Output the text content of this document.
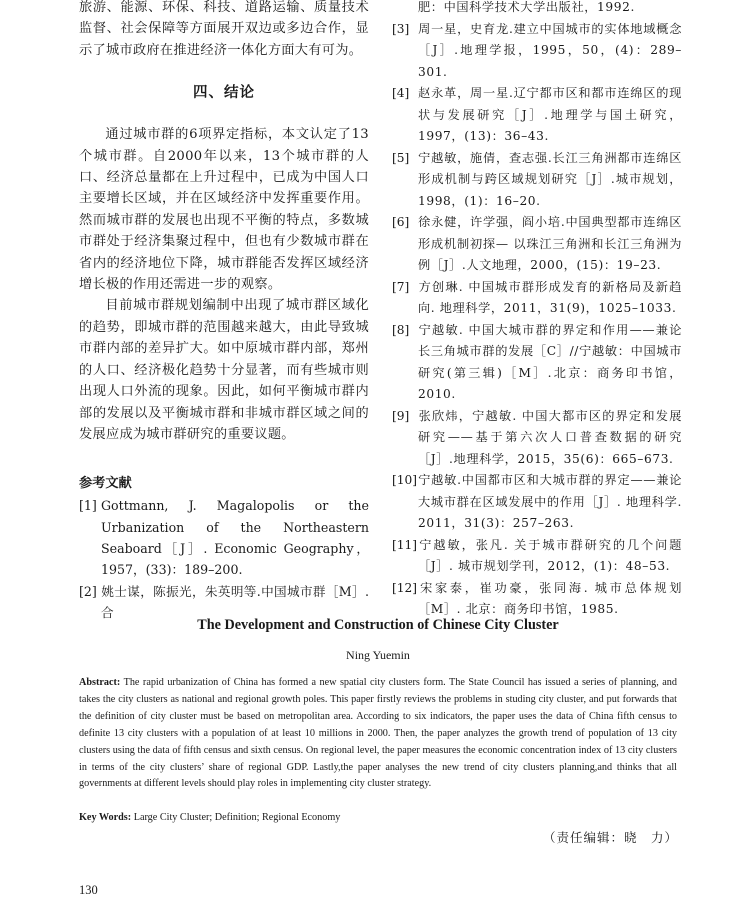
旅游、能源、环保、科技、道路运输、质量技术监督、社会保障等方面展开双边或多边合作，显示了城市政府在推进经济一体化方面大有可为。

四、结论

通过城市群的6项界定指标，本文认定了13个城市群。自2000年以来，13个城市群的人口、经济总量都在上升过程中，已成为中国人口主要增长区域，并在区域经济中发挥重要作用。然而城市群的发展也出现不平衡的特点，多数城市群处于经济集聚过程中，但也有少数城市群在省内的经济地位下降，城市群能否发挥区域经济增长极的作用还需进一步的观察。

目前城市群规划编制中出现了城市群区域化的趋势，即城市群的范围越来越大，由此导致城市群内部的差异扩大。如中原城市群内部，郑州的人口、经济极化趋势十分显著，而有些城市则出现人口外流的现象。因此，如何平衡城市群内部的发展以及平衡城市群和非城市群区域之间的发展应成为城市群研究的重要议题。

参考文献
[1] Gottmann, J. Magalopolis or the Urbanization of the Northeastern Seaboard［J］. Economic Geography，1957，(33)：189–200.
[2] 姚士谋，陈振光，朱英明等.中国城市群［M］.合
肥：中国科学技术大学出版社，1992.
[3] 周一星，史育龙.建立中国城市的实体地域概念［J］.地理学报，1995，50，(4)：289–301.
[4] 赵永革，周一星.辽宁都市区和都市连绵区的现状与发展研究［J］.地理学与国土研究，1997，(13)：36–43.
[5] 宁越敏，施倩，查志强.长江三角洲都市连绵区形成机制与跨区域规划研究［J］.城市规划，1998，(1)：16–20.
[6] 徐永健，许学强，阎小培.中国典型都市连绵区形成机制初探— 以珠江三角洲和长江三角洲为例［J］.人文地理，2000，(15)：19–23.
[7] 方创琳. 中国城市群形成发育的新格局及新趋向. 地理科学，2011，31(9)，1025–1033.
[8] 宁越敏. 中国大城市群的界定和作用——兼论长三角城市群的发展［C］//宁越敏：中国城市研究(第三辑)［M］.北京：商务印书馆，2010.
[9] 张欣炜，宁越敏. 中国大都市区的界定和发展研究——基于第六次人口普查数据的研究［J］.地理科学，2015，35(6)：665–673.
[10]宁越敏.中国都市区和大城市群的界定——兼论大城市群在区域发展中的作用［J］. 地理科学. 2011，31(3)：257–263.
[11]宁越敏，张凡. 关于城市群研究的几个问题［J］. 城市规划学刊，2012，(1)：48–53.
[12]宋家泰，崔功豪，张同海. 城市总体规划［M］. 北京：商务印书馆，1985.
The Development and Construction of Chinese City Cluster
Ning Yuemin

Abstract: The rapid urbanization of China has formed a new spatial city clusters form. The State Council has issued a series of planning, and takes the city clusters as national and regional growth poles. This paper firstly reviews the problems in studing city cluster, and put forwards that the definition of city cluster must be based on metropolitan area. According to six indicators, the paper uses the data of China fifth census to definite 13 city clusters with a population of at least 10 millions in 2000. Then, the paper analyzes the growth trend of population of 13 city clusters using the data of fifth census and sixth census. On regional level, the paper measures the economic concentration index of 13 city clusters in terms of the city clusters’ share of regional GDP. Lastly,the paper analyses the new trend of city clusters planning,and thinks that all governments at different levels should play roles in implementing city cluster strategy.

Key Words: Large City Cluster; Definition; Regional Economy

（责任编辑：晓　力）
130
